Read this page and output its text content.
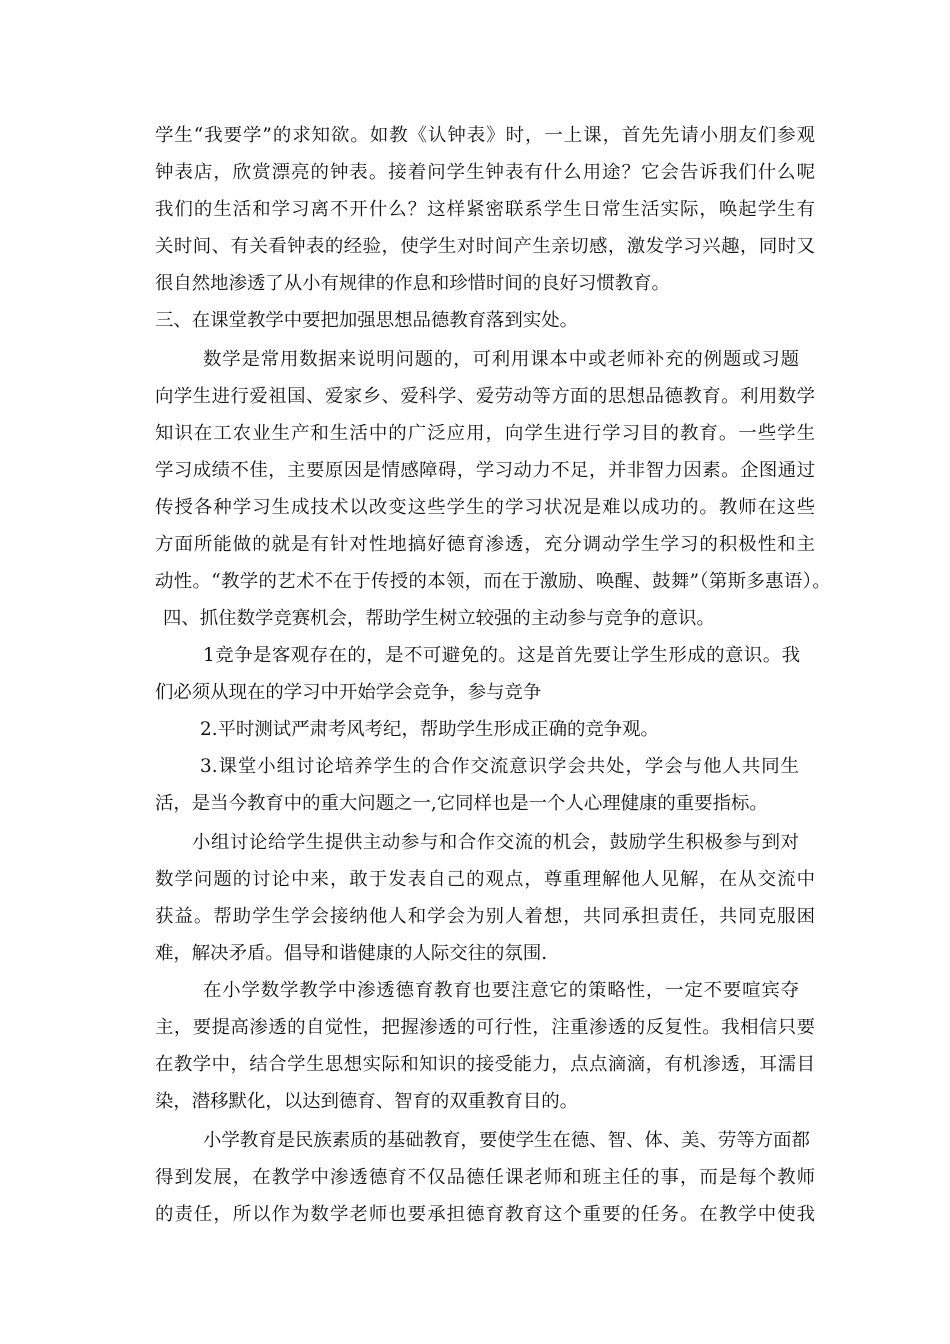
学生“我要学”的求知欲。如教《认钟表》时，一上课，首先先请小朋友们参观
钟表店，欣赏漂亮的钟表。接着问学生钟表有什么用途？它会告诉我们什么呢
我们的生活和学习离不开什么？这样紧密联系学生日常生活实际，唤起学生有
关时间、有关看钟表的经验，使学生对时间产生亲切感，激发学习兴趣，同时又
很自然地渗透了从小有规律的作息和珍惜时间的良好习惯教育。
三、在课堂教学中要把加强思想品德教育落到实处。
数学是常用数据来说明问题的，可利用课本中或老师补充的例题或习题
向学生进行爱祖国、爱家乡、爱科学、爱劳动等方面的思想品德教育。利用数学
知识在工农业生产和生活中的广泛应用，向学生进行学习目的教育。一些学生
学习成绩不佳，主要原因是情感障碍，学习动力不足，并非智力因素。企图通过
传授各种学习生成技术以改变这些学生的学习状况是难以成功的。教师在这些
方面所能做的就是有针对性地搞好德育渗透，充分调动学生学习的积极性和主
动性。“教学的艺术不在于传授的本领，而在于激励、唤醒、鼓舞”（第斯多惠语）。
四、抓住数学竞赛机会，帮助学生树立较强的主动参与竞争的意识。
1竞争是客观存在的，是不可避免的。这是首先要让学生形成的意识。我
们必须从现在的学习中开始学会竞争，参与竞争
2.平时测试严肃考风考纪，帮助学生形成正确的竞争观。
3.课堂小组讨论培养学生的合作交流意识学会共处，学会与他人共同生
活，是当今教育中的重大问题之一,它同样也是一个人心理健康的重要指标。
小组讨论给学生提供主动参与和合作交流的机会，鼓励学生积极参与到对
数学问题的讨论中来，敢于发表自己的观点，尊重理解他人见解，在从交流中
获益。帮助学生学会接纳他人和学会为别人着想，共同承担责任，共同克服困
难，解决矛盾。倡导和谐健康的人际交往的氛围.
在小学数学教学中渗透德育教育也要注意它的策略性，一定不要喧宾夺
主，要提高渗透的自觉性，把握渗透的可行性，注重渗透的反复性。我相信只要
在教学中，结合学生思想实际和知识的接受能力，点点滴滴，有机渗透，耳濡目
染，潜移默化，以达到德育、智育的双重教育目的。
小学教育是民族素质的基础教育，要使学生在德、智、体、美、劳等方面都
得到发展，在教学中渗透德育不仅品德任课老师和班主任的事，而是每个教师
的责任，所以作为数学老师也要承担德育教育这个重要的任务。在教学中使我
